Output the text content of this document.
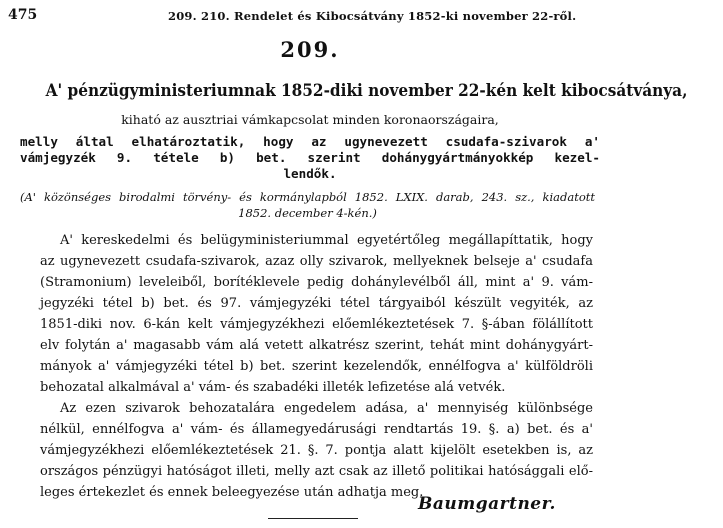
475	209. 210. Rendelet és Kibocsátvány 1852-ki november 22-ről.
209.
A' pénzügyministeriumnak 1852-diki november 22-kén kelt kibocsátványa,
kiható az ausztriai vámkapcsolat minden koronaországaira,
melly által elhatároztatik, hogy az ugynevezett csudafa-szivarok a'
vámjegyzék 9. tétele b) bet. szerint dohánygyártmányokkép kezel-
lendők.
(A' közönséges birodalmi törvény- és kormánylapból 1852. LXIX. darab, 243. sz., kiadatott
1852. december 4-kén.)
A' kereskedelmi és belügyministeriummal egyetértőleg megállapíttatik, hogy
az ugynevezett csudafa-szivarok, azaz olly szivarok, mellyeknek belseje a' csudafa
(Stramonium) leveleiből, borítéklevele pedig dohánylevélből áll, mint a' 9. vám-
jegyzéki tétel b) bet. és 97. vámjegyzéki tétel tárgyaiból készült vegyiték, az
1851-diki nov. 6-kán kelt vámjegyzékhezi előemlékeztetések 7. §-ában fölállított
elv folytán a' magasabb vám alá vetett alkatrész szerint, tehát mint dohánygyárt-
mányok a' vámjegyzéki tétel b) bet. szerint kezelendők, ennélfogva a' külföldröli
behozatal alkalmával a' vám- és szabadéki illeték lefizetése alá vetvék.
Az ezen szivarok behozatalára engedelem adása, a' mennyiség különbsége
nélkül, ennélfogva a' vám- és államegyedárusági rendtartás 19. §. a) bet. és a'
vámjegyzékhezi előemlékeztetések 21. §. 7. pontja alatt kijelölt esetekben is, az
országos pénzügyi hatóságot illeti, melly azt csak az illető politikai hatósággali elő-
leges értekezlet és ennek beleegyezése után adhatja meg.
Baumgartner.
